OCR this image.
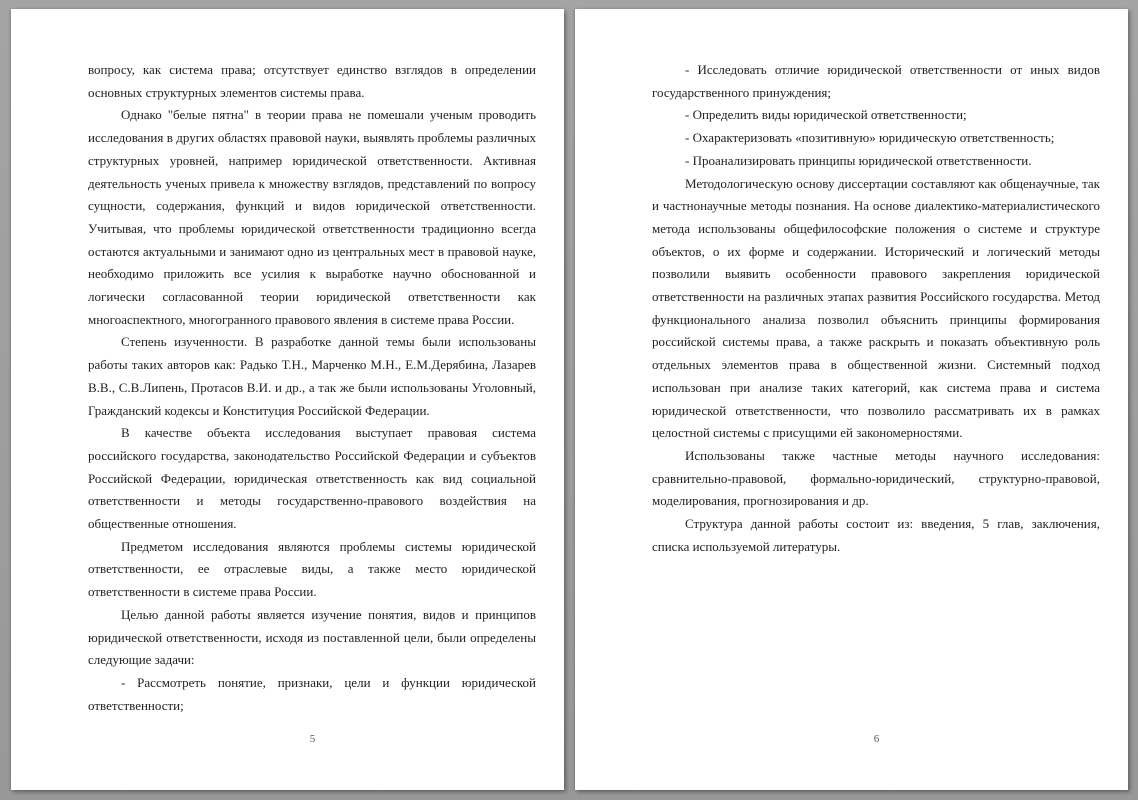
вопросу, как система права; отсутствует единство взглядов в определении основных структурных элементов системы права.

Однако "белые пятна" в теории права не помешали ученым проводить исследования в других областях правовой науки, выявлять проблемы различных структурных уровней, например юридической ответственности. Активная деятельность ученых привела к множеству взглядов, представлений по вопросу сущности, содержания, функций и видов юридической ответственности. Учитывая, что проблемы юридической ответственности традиционно всегда остаются актуальными и занимают одно из центральных мест в правовой науке, необходимо приложить все усилия к выработке научно обоснованной и логически согласованной теории юридической ответственности как многоаспектного, многогранного правового явления в системе права России.

Степень изученности. В разработке данной темы были использованы работы таких авторов как: Радько Т.Н., Марченко М.Н., Е.М.Дерябина, Лазарев В.В., С.В.Липень, Протасов В.И. и др., а так же были использованы Уголовный, Гражданский кодексы и Конституция Российской Федерации.

В качестве объекта исследования выступает правовая система российского государства, законодательство Российской Федерации и субъектов Российской Федерации, юридическая ответственность как вид социальной ответственности и методы государственно-правового воздействия на общественные отношения.

Предметом исследования являются проблемы системы юридической ответственности, ее отраслевые виды, а также место юридической ответственности в системе права России.

Целью данной работы является изучение понятия, видов и принципов юридической ответственности, исходя из поставленной цели, были определены следующие задачи:

- Рассмотреть понятие, признаки, цели и функции юридической ответственности;

5

- Исследовать отличие юридической ответственности от иных видов государственного принуждения;

- Определить виды юридической ответственности;

- Охарактеризовать «позитивную» юридическую ответственность;

- Проанализировать принципы юридической ответственности.

Методологическую основу диссертации составляют как общенаучные, так и частнонаучные методы познания. На основе диалектико-материалистического метода использованы общефилософские положения о системе и структуре объектов, о их форме и содержании. Исторический и логический методы позволили выявить особенности правового закрепления юридической ответственности на различных этапах развития Российского государства. Метод функционального анализа позволил объяснить принципы формирования российской системы права, а также раскрыть и показать объективную роль отдельных элементов права в общественной жизни. Системный подход использован при анализе таких категорий, как система права и система юридической ответственности, что позволило рассматривать их в рамках целостной системы с присущими ей закономерностями.

Использованы также частные методы научного исследования: сравнительно-правовой, формально-юридический, структурно-правовой, моделирования, прогнозирования и др.

Структура данной работы состоит из: введения, 5 глав, заключения, списка используемой литературы.

6
